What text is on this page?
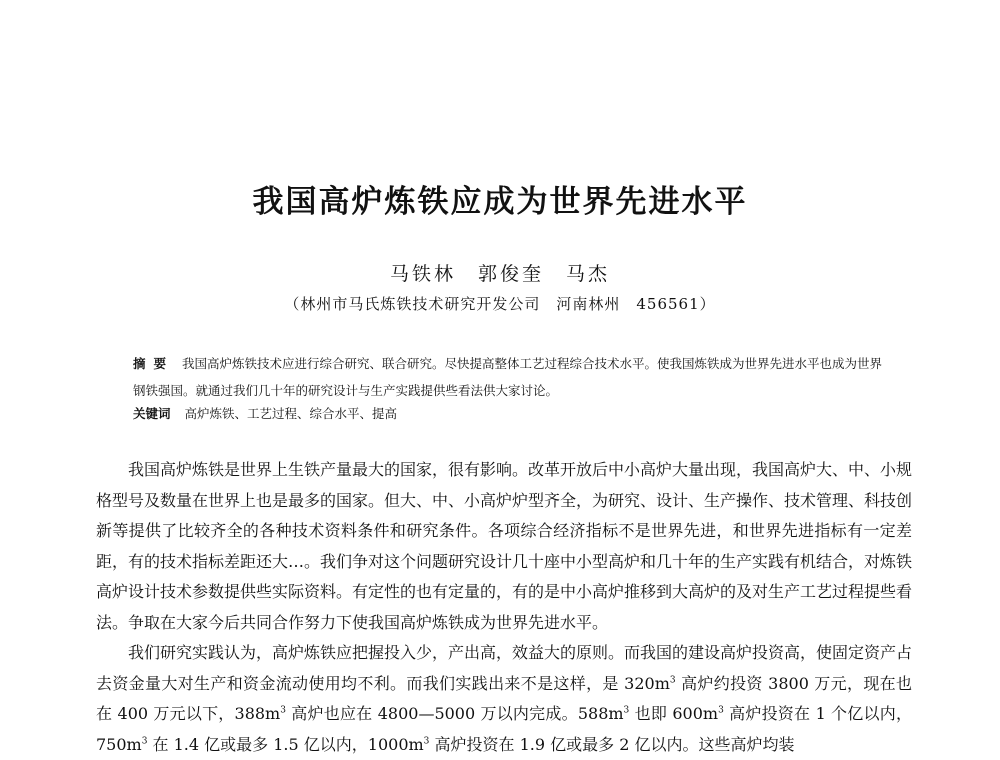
我国高炉炼铁应成为世界先进水平
马铁林　郭俊奎　马杰
（林州市马氏炼铁技术研究开发公司　河南林州　456561）
摘要 我国高炉炼铁技术应进行综合研究、联合研究。尽快提高整体工艺过程综合技术水平。使我国炼铁成为世界先进水平也成为世界钢铁强国。就通过我们几十年的研究设计与生产实践提供些看法供大家讨论。
关键词 高炉炼铁、工艺过程、综合水平、提高

我国高炉炼铁是世界上生铁产量最大的国家，很有影响。改革开放后中小高炉大量出现，我国高炉大、中、小规格型号及数量在世界上也是最多的国家。但大、中、小高炉炉型齐全，为研究、设计、生产操作、技术管理、科技创新等提供了比较齐全的各种技术资料条件和研究条件。各项综合经济指标不是世界先进，和世界先进指标有一定差距，有的技术指标差距还大…。我们争对这个问题研究设计几十座中小型高炉和几十年的生产实践有机结合，对炼铁高炉设计技术参数提供些实际资料。有定性的也有定量的，有的是中小高炉推移到大高炉的及对生产工艺过程提些看法。争取在大家今后共同合作努力下使我国高炉炼铁成为世界先进水平。

我们研究实践认为，高炉炼铁应把握投入少，产出高，效益大的原则。而我国的建设高炉投资高，使固定资产占去资金量大对生产和资金流动使用均不利。而我们实践出来不是这样，是 $320m^3$ 高炉约投资 3800 万元，现在也在 400 万元以下，$388m^3$ 高炉也应在 4800—5000 万以内完成。$588m^3$ 也即 $600m^3$ 高炉投资在 1 个亿以内，$750m^3$ 在 1.4 亿或最多 1.5 亿以内，$1000m^3$ 高炉投资在 1.9 亿或最多 2 亿以内。这些高炉均装
